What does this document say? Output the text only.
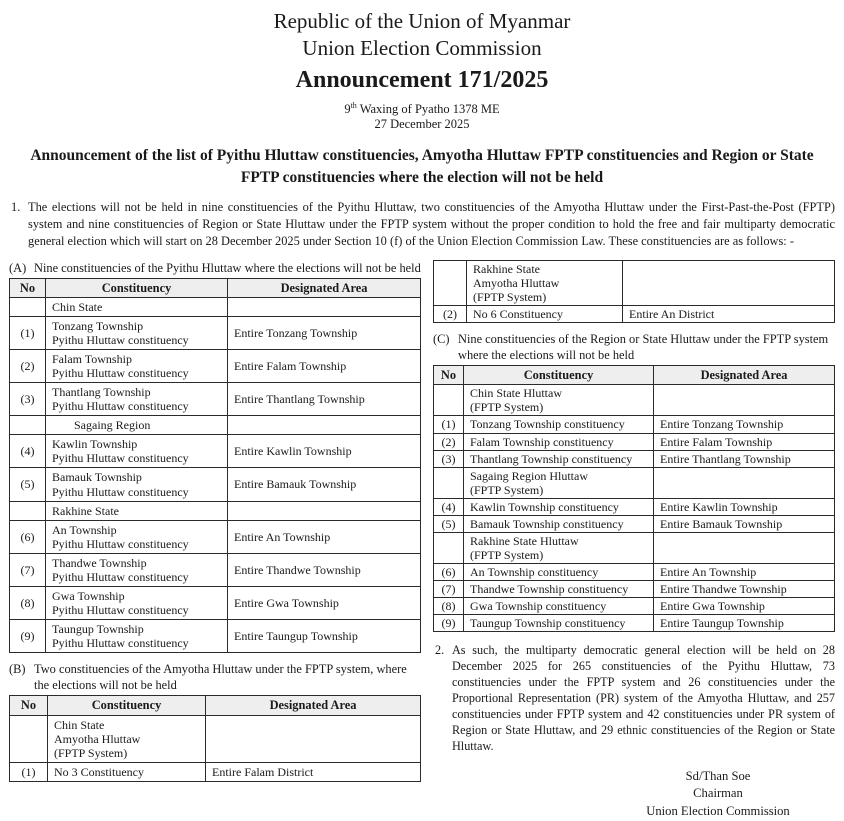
Republic of the Union of Myanmar
Union Election Commission
Announcement 171/2025
9th Waxing of Pyatho 1378 ME
27 December 2025
Announcement of the list of Pyithu Hluttaw constituencies, Amyotha Hluttaw FPTP constituencies and Region or State FPTP constituencies where the election will not be held
1. The elections will not be held in nine constituencies of the Pyithu Hluttaw, two constituencies of the Amyotha Hluttaw under the First-Past-the-Post (FPTP) system and nine constituencies of Region or State Hluttaw under the FPTP system without the proper condition to hold the free and fair multiparty democratic general election which will start on 28 December 2025 under Section 10 (f) of the Union Election Commission Law. These constituencies are as follows: -
(A) Nine constituencies of the Pyithu Hluttaw where the elections will not be held
No	Constituency	Designated Area

	Chin State	

(1)	Tonzang Township
Pyithu Hluttaw constituency	Entire Tonzang Township

(2)	Falam Township
Pyithu Hluttaw constituency	Entire Falam Township

(3)	Thantlang Township
Pyithu Hluttaw constituency	Entire Thantlang Township

	Sagaing Region	

(4)	Kawlin Township
Pyithu Hluttaw constituency	Entire Kawlin Township

(5)	Bamauk Township
Pyithu Hluttaw constituency	Entire Bamauk Township

	Rakhine State	

(6)	An Township
Pyithu Hluttaw constituency	Entire An Township

(7)	Thandwe Township
Pyithu Hluttaw constituency	Entire Thandwe Township

(8)	Gwa Township
Pyithu Hluttaw constituency	Entire Gwa Township

(9)	Taungup Township
Pyithu Hluttaw constituency	Entire Taungup Township
(B) Two constituencies of the Amyotha Hluttaw under the FPTP system, where the elections will not be held
No	Constituency	Designated Area

	Chin State
Amyotha Hluttaw
(FPTP System)	

(1)	No 3 Constituency	Entire Falam District

	Rakhine State
Amyotha Hluttaw
(FPTP System)	

(2)	No 6 Constituency	Entire An District
(C) Nine constituencies of the Region or State Hluttaw under the FPTP system where the elections will not be held
No	Constituency	Designated Area

	Chin State Hluttaw
(FPTP System)	

(1)	Tonzang Township constituency	Entire Tonzang Township

(2)	Falam Township constituency	Entire Falam Township

(3)	Thantlang Township constituency	Entire Thantlang Township

	Sagaing Region Hluttaw
(FPTP System)	

(4)	Kawlin Township constituency	Entire Kawlin Township

(5)	Bamauk Township constituency	Entire Bamauk Township

	Rakhine State Hluttaw
(FPTP System)	

(6)	An Township constituency	Entire An Township

(7)	Thandwe Township constituency	Entire Thandwe Township

(8)	Gwa Township constituency	Entire Gwa Township

(9)	Taungup Township constituency	Entire Taungup Township
2. As such, the multiparty democratic general election will be held on 28 December 2025 for 265 constituencies of the Pyithu Hluttaw, 73 constituencies under the FPTP system and 26 constituencies under the Proportional Representation (PR) system of the Amyotha Hluttaw, and 257 constituencies under FPTP system and 42 constituencies under PR system of Region or State Hluttaw, and 29 ethnic constituencies of the Region or State Hluttaw.
Sd/Than Soe
Chairman
Union Election Commission
